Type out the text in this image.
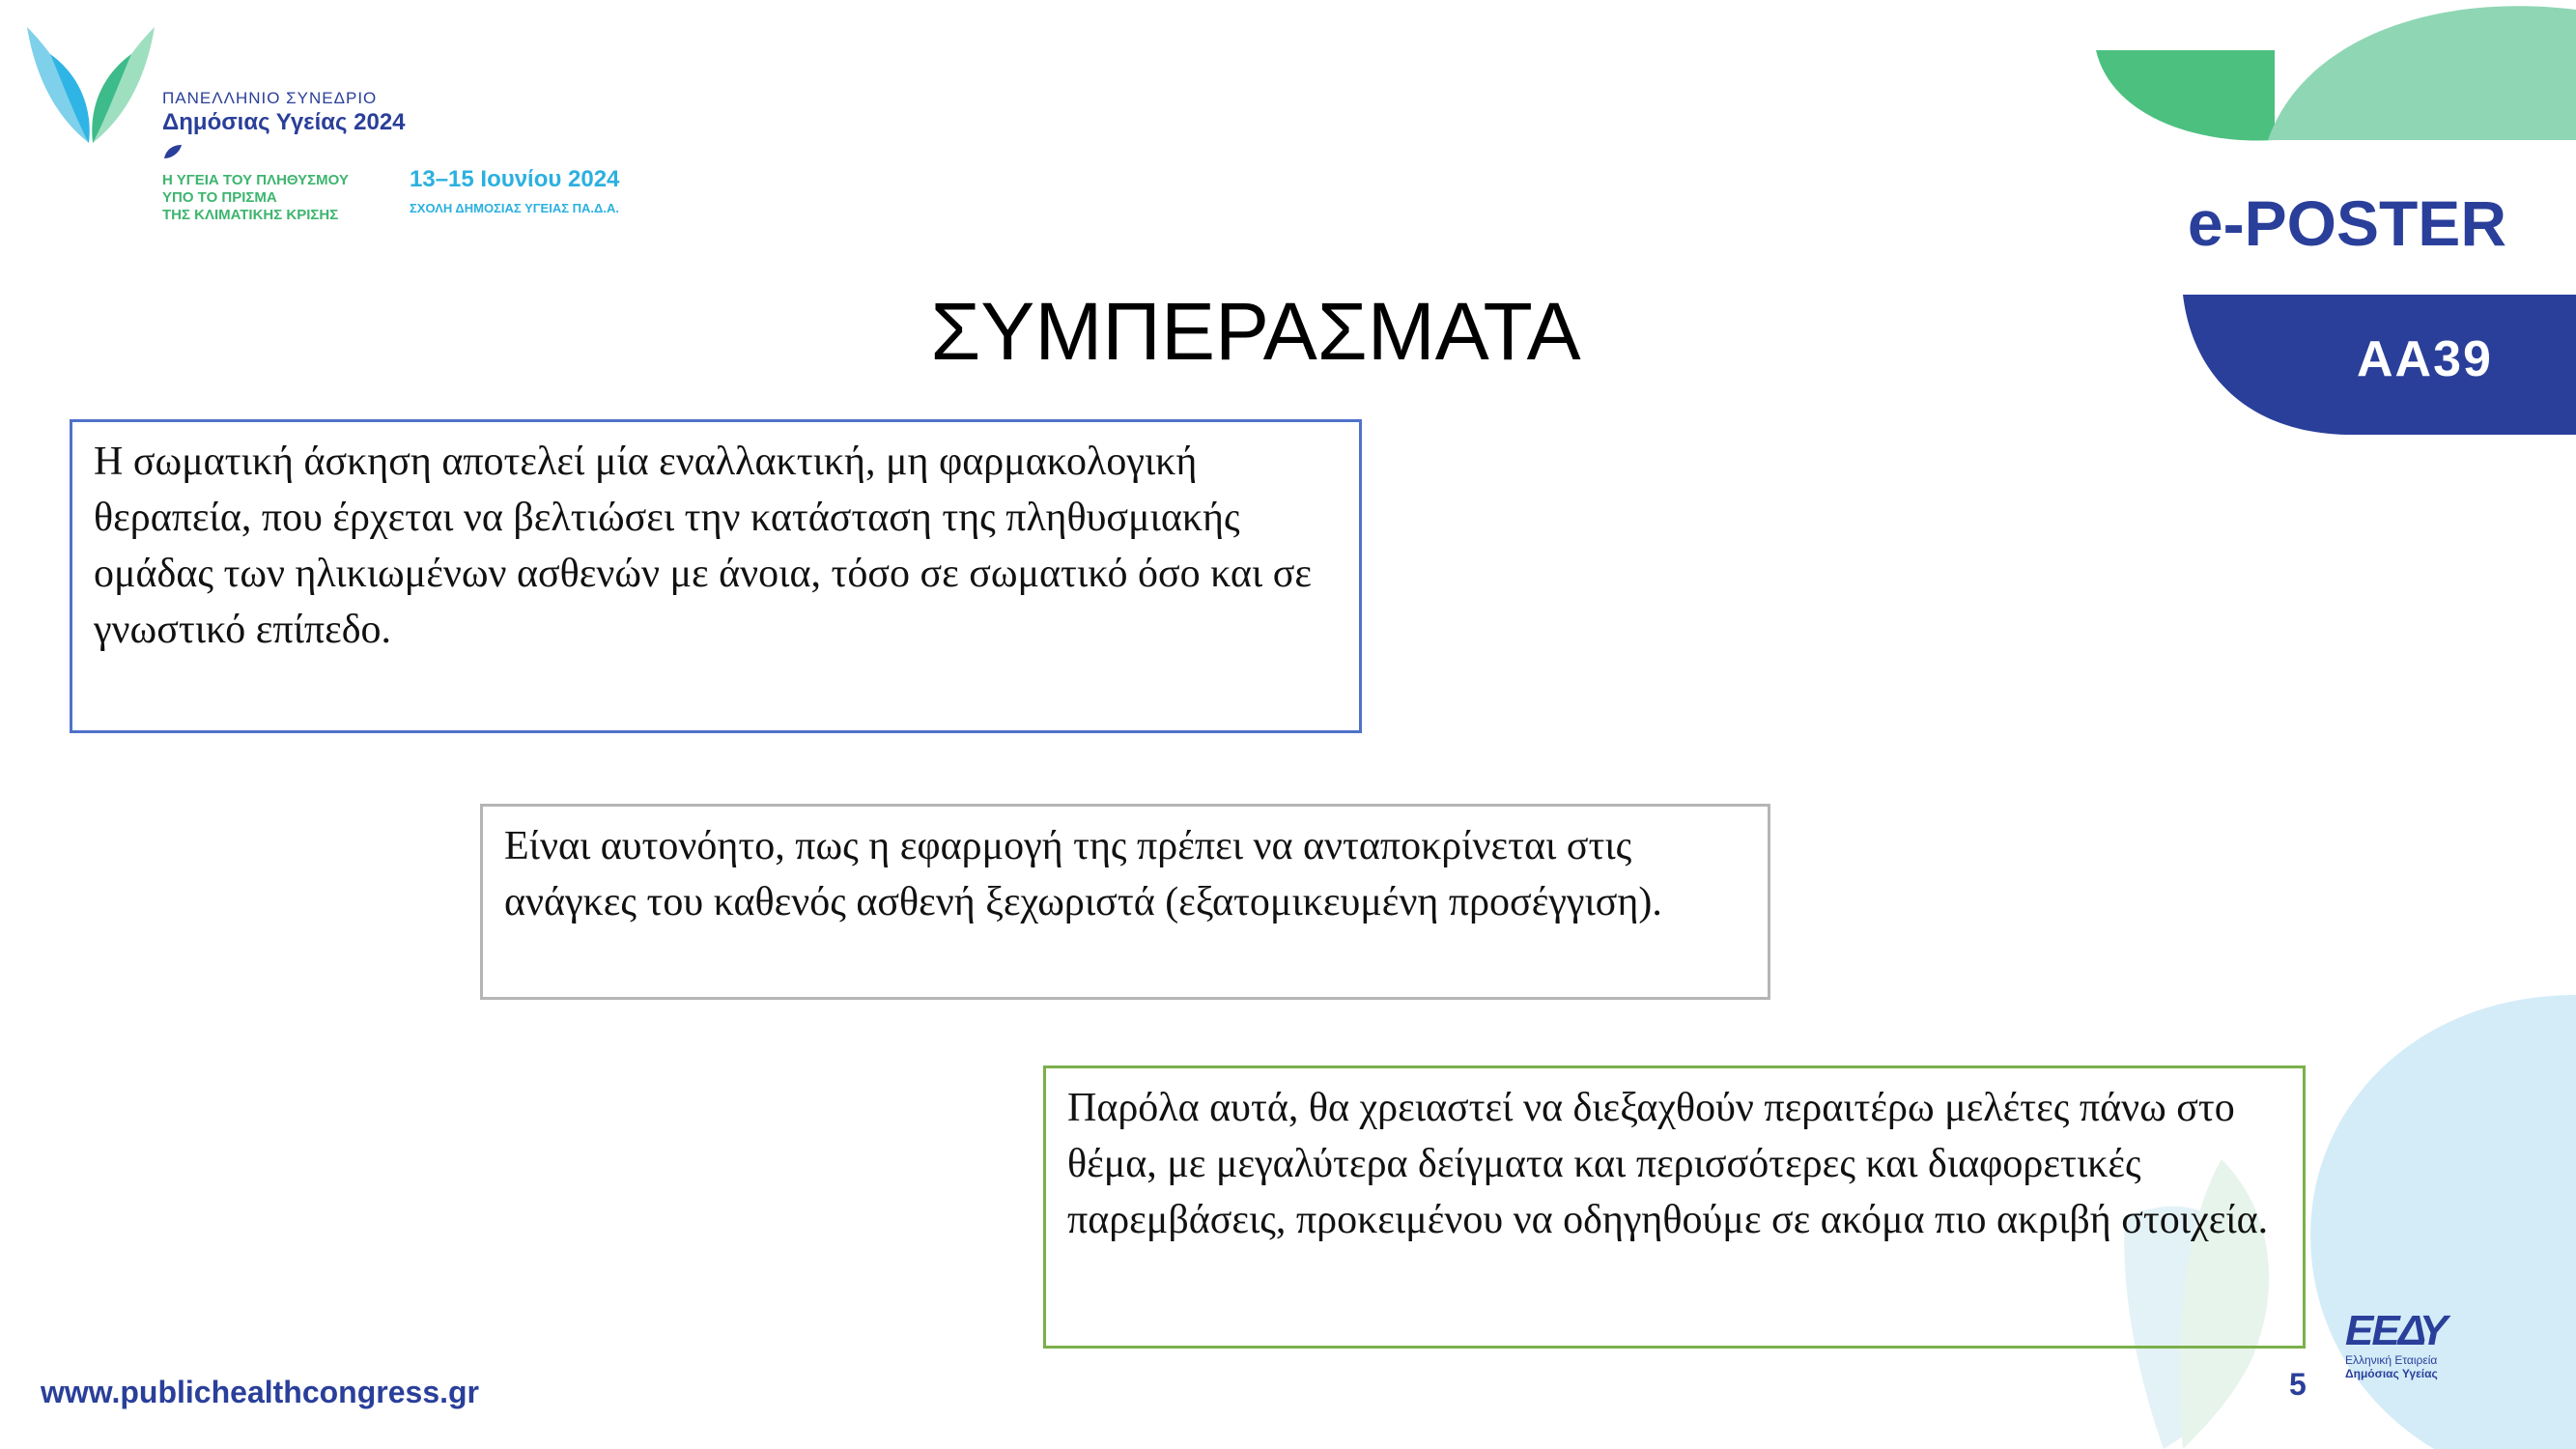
ΠΑΝΕΛΛΗΝΙΟ ΣΥΝΕΔΡΙΟ
Δημόσιας Υγείας 2024
Η ΥΓΕΙΑ ΤΟΥ ΠΛΗΘΥΣΜΟΥ
ΥΠΟ ΤΟ ΠΡΙΣΜΑ
ΤΗΣ ΚΛΙΜΑΤΙΚΗΣ ΚΡΙΣΗΣ
13–15 Ιουνίου 2024
ΣΧΟΛΗ ΔΗΜΟΣΙΑΣ ΥΓΕΙΑΣ ΠΑ.Δ.Α.	e-POSTER
AA39
ΣΥΜΠΕΡΑΣΜΑΤΑ
Η σωματική άσκηση αποτελεί μία εναλλακτική, μη φαρμακολογική θεραπεία, που έρχεται να βελτιώσει την κατάσταση της πληθυσμιακής ομάδας των ηλικιωμένων ασθενών με άνοια, τόσο σε σωματικό όσο και σε γνωστικό επίπεδο.
Είναι αυτονόητο, πως η εφαρμογή της πρέπει να ανταποκρίνεται στις ανάγκες του καθενός ασθενή ξεχωριστά (εξατομικευμένη προσέγγιση).
Παρόλα αυτά, θα χρειαστεί να διεξαχθούν περαιτέρω μελέτες πάνω στο θέμα, με μεγαλύτερα δείγματα και περισσότερες και διαφορετικές παρεμβάσεις, προκειμένου να οδηγηθούμε σε ακόμα πιο ακριβή στοιχεία.
www.publichealthcongress.gr	5
ΕΕΔΥ
Ελληνική Εταιρεία
Δημόσιας Υγείας
